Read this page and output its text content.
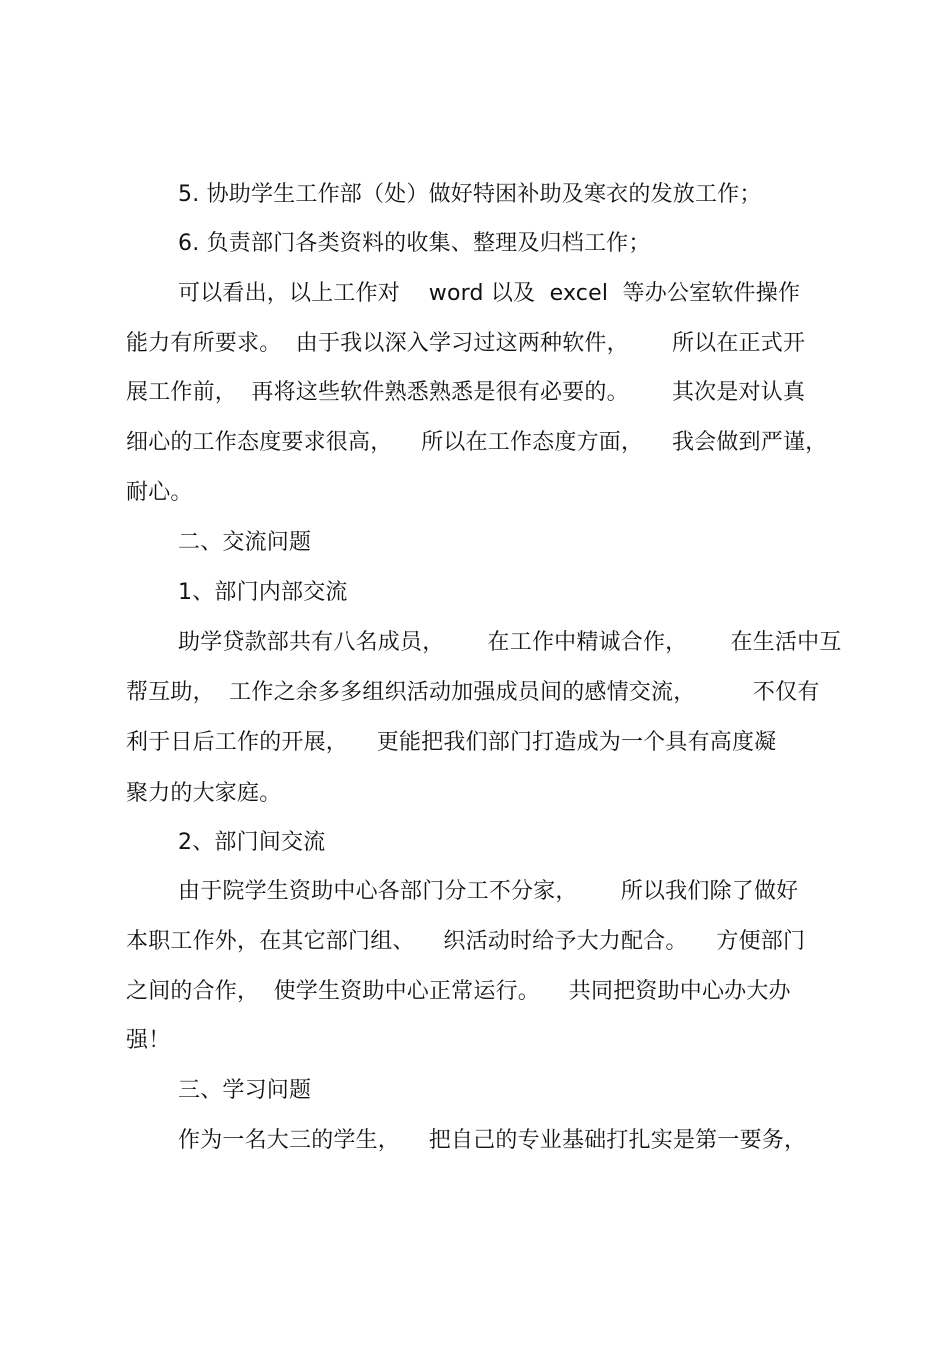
5. 协助学生工作部（处）做好特困补助及寒衣的发放工作；
6. 负责部门各类资料的收集、整理及归档工作；
可以看出，以上工作对    word 以及  excel  等办公室软件操作
能力有所要求。  由于我以深入学习过这两种软件，      所以在正式开
展工作前，  再将这些软件熟悉熟悉是很有必要的。      其次是对认真
细心的工作态度要求很高，    所以在工作态度方面，    我会做到严谨，
耐心。
二、交流问题
1、部门内部交流
助学贷款部共有八名成员，      在工作中精诚合作，      在生活中互
帮互助，  工作之余多多组织活动加强成员间的感情交流，        不仅有
利于日后工作的开展，    更能把我们部门打造成为一个具有高度凝
聚力的大家庭。
2、部门间交流
由于院学生资助中心各部门分工不分家，      所以我们除了做好
本职工作外，在其它部门组、    织活动时给予大力配合。    方便部门
之间的合作，  使学生资助中心正常运行。    共同把资助中心办大办
强！
三、学习问题
作为一名大三的学生，    把自己的专业基础打扎实是第一要务，
